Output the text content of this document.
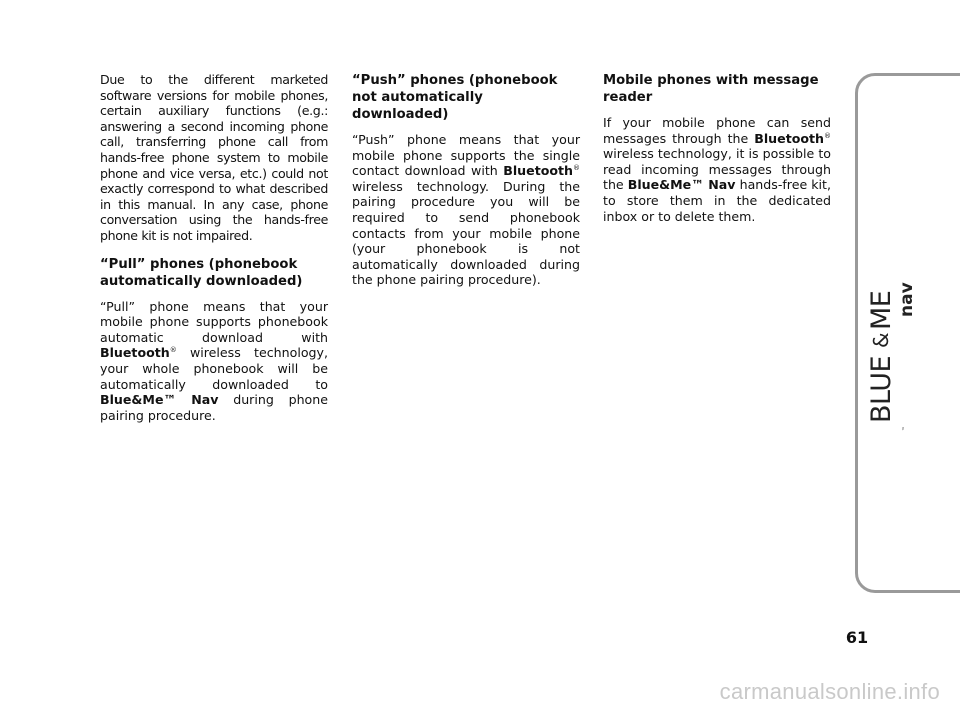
Due to the different marketed software versions for mobile phones, certain auxiliary functions (e.g.: answering a second incoming phone call, transferring phone call from hands-free phone system to mobile phone and vice versa, etc.) could not exactly correspond to what described in this manual. In any case, phone conversation using the hands-free phone kit is not impaired.

“Pull” phones (phonebook automatically downloaded)

“Pull” phone means that your mobile phone supports phonebook automatic download with Bluetooth® wireless technology, your whole phonebook will be automatically downloaded to Blue&Me™ Nav during phone pairing procedure.

“Push” phones (phonebook not automatically downloaded)

“Push” phone means that your mobile phone supports the single contact download with Bluetooth® wireless technology. During the pairing procedure you will be required to send phonebook contacts from your mobile phone (your phonebook is not automatically downloaded during the phone pairing procedure).

Mobile phones with message reader

If your mobile phone can send messages through the Bluetooth® wireless technology, it is possible to read incoming messages through the Blue&Me™ Nav hands-free kit, to store them in the dedicated inbox or to delete them.

BLUE
&
ME nav
™
61
carmanualsonline.info
